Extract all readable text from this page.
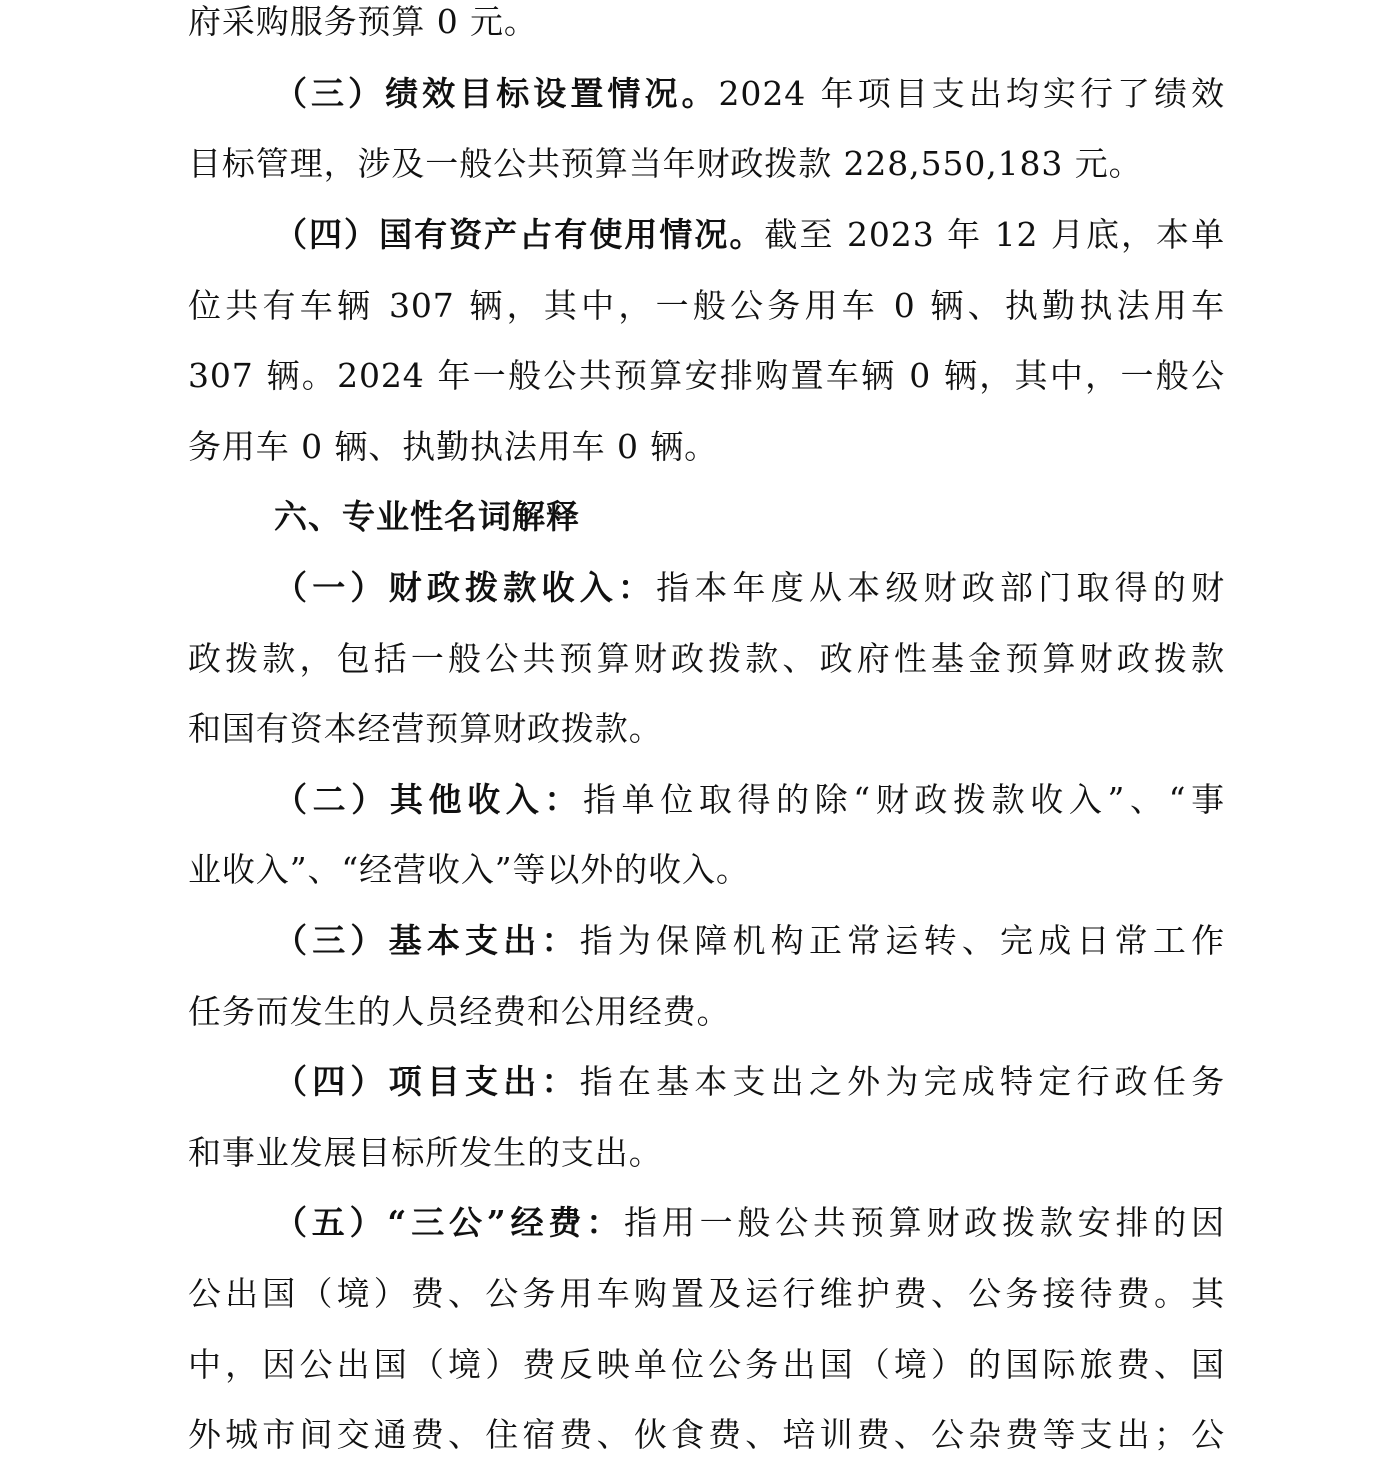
府采购服务预算 0 元。
（三）绩效目标设置情况。2024 年项目支出均实行了绩效
目标管理，涉及一般公共预算当年财政拨款 228,550,183 元。
（四）国有资产占有使用情况。截至 2023 年 12 月底，本单
位共有车辆 307 辆，其中，一般公务用车 0 辆、执勤执法用车
307 辆。2024 年一般公共预算安排购置车辆 0 辆，其中，一般公
务用车 0 辆、执勤执法用车 0 辆。
六、专业性名词解释
（一）财政拨款收入：指本年度从本级财政部门取得的财
政拨款，包括一般公共预算财政拨款、政府性基金预算财政拨款
和国有资本经营预算财政拨款。
（二）其他收入：指单位取得的除“财政拨款收入”、“事
业收入”、“经营收入”等以外的收入。
（三）基本支出：指为保障机构正常运转、完成日常工作
任务而发生的人员经费和公用经费。
（四）项目支出：指在基本支出之外为完成特定行政任务
和事业发展目标所发生的支出。
（五）“三公”经费：指用一般公共预算财政拨款安排的因
公出国（境）费、公务用车购置及运行维护费、公务接待费。其
中，因公出国（境）费反映单位公务出国（境）的国际旅费、国
外城市间交通费、住宿费、伙食费、培训费、公杂费等支出；公
